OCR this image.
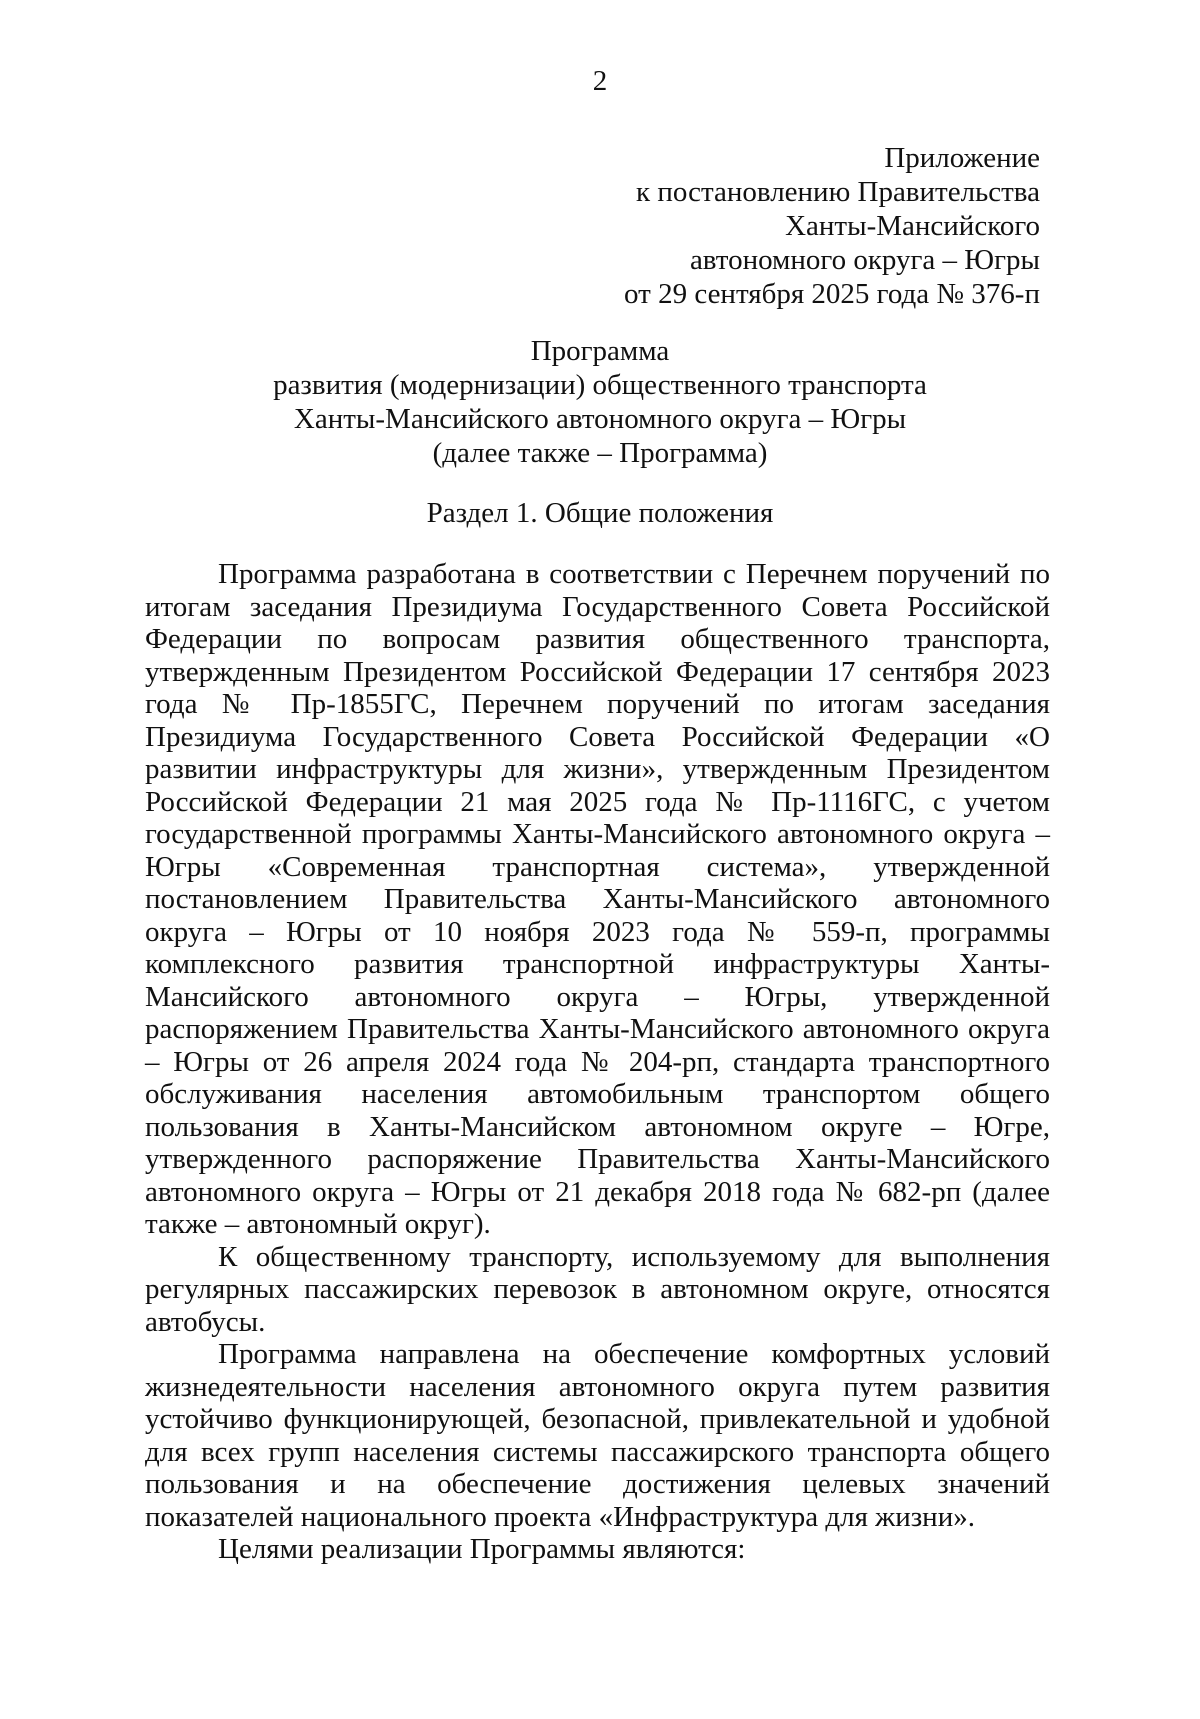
2
Приложение
к постановлению Правительства
Ханты-Мансийского
автономного округа – Югры
от 29 сентября 2025 года № 376-п
Программа
развития (модернизации) общественного транспорта
Ханты-Мансийского автономного округа – Югры
(далее также – Программа)
Раздел 1. Общие положения

Программа разработана в соответствии с Перечнем поручений по итогам заседания Президиума Государственного Совета Российской Федерации по вопросам развития общественного транспорта, утвержденным Президентом Российской Федерации 17 сентября 2023 года № Пр-1855ГС, Перечнем поручений по итогам заседания Президиума Государственного Совета Российской Федерации «О развитии инфраструктуры для жизни», утвержденным Президентом Российской Федерации 21 мая 2025 года № Пр-1116ГС, с учетом государственной программы Ханты-Мансийского автономного округа – Югры «Современная транспортная система», утвержденной постановлением Правительства Ханты-Мансийского автономного округа – Югры от 10 ноября 2023 года № 559-п, программы комплексного развития транспортной инфраструктуры Ханты-Мансийского автономного округа – Югры, утвержденной распоряжением Правительства Ханты-Мансийского автономного округа – Югры от 26 апреля 2024 года № 204-рп, стандарта транспортного обслуживания населения автомобильным транспортом общего пользования в Ханты-Мансийском автономном округе – Югре, утвержденного распоряжение Правительства Ханты-Мансийского автономного округа – Югры от 21 декабря 2018 года № 682-рп (далее также – автономный округ).

К общественному транспорту, используемому для выполнения регулярных пассажирских перевозок в автономном округе, относятся автобусы.

Программа направлена на обеспечение комфортных условий жизнедеятельности населения автономного округа путем развития устойчиво функционирующей, безопасной, привлекательной и удобной для всех групп населения системы пассажирского транспорта общего пользования и на обеспечение достижения целевых значений показателей национального проекта «Инфраструктура для жизни».

Целями реализации Программы являются:
